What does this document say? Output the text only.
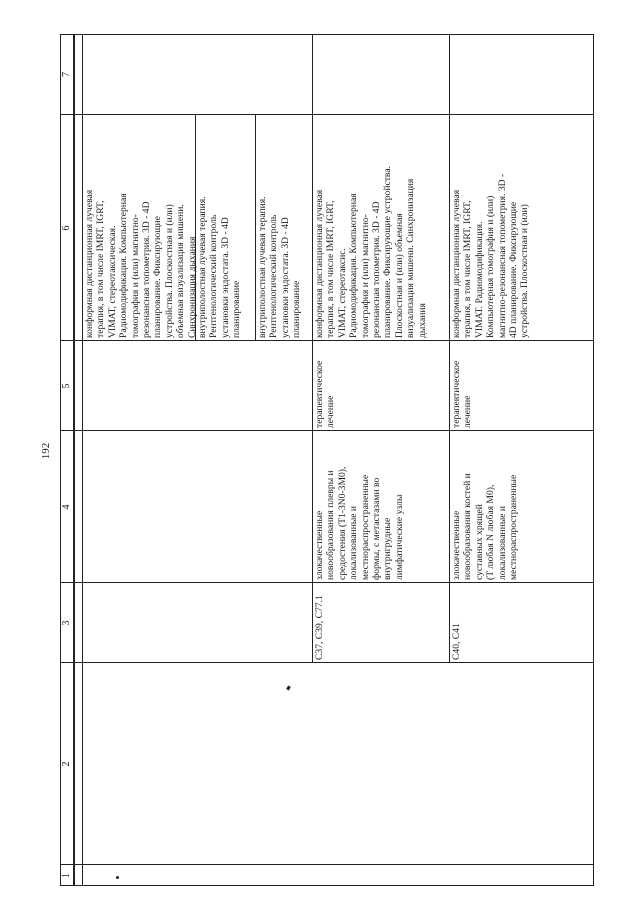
192
1
2
3
4
5
6
7
конформная дистанционная лучевая
терапия, в том числе IMRT, IGRT,
VIMAT, стереотаксическая.
Радиомодификация. Компьютерная
томография и (или) магнитно-
резонансная топометрия. 3D - 4D
планирование. Фиксирующие
устройства. Плоскостная и (или)
объемная визуализация мишени.
Синхронизация дыхания
внутриполостная лучевая терапия.
Рентгенологический контроль
установки эндостата. 3D - 4D
планирование	внутриполостная лучевая терапия.
Рентгенологический контроль
установки эндостата. 3D - 4D
планирование
C37, C39, C77.1
злокачественные
новообразования плевры и
средостения (T1-3N0-3M0),
локализованные и
местнораспространенные
формы, с метастазами во
внутригрудные
лимфатические узлы
терапевтическое
лечение
конформная дистанционная лучевая
терапия, в том числе IMRT, IGRT,
VIMAT, стереотаксис.
Радиомодификация. Компьютерная
томография и (или) магнитно-
резонансная топометрия. 3D - 4D
планирование. Фиксирующие устройства.
Плоскостная и (или) объемная
визуализация мишени. Синхронизация
дыхания
C40, C41
злокачественные
новообразования костей и
суставных хрящей
(T любая N любая M0),
локализованные и
местнораспространенные
терапевтическое
лечение
конформная дистанционная лучевая
терапия, в том числе IMRT, IGRT,
VIMAT. Радиомодификация.
Компьютерная томография и (или)
магнитно-резонансная топометрия. 3D -
4D планирование. Фиксирующие
устройства. Плоскостная и (или)
